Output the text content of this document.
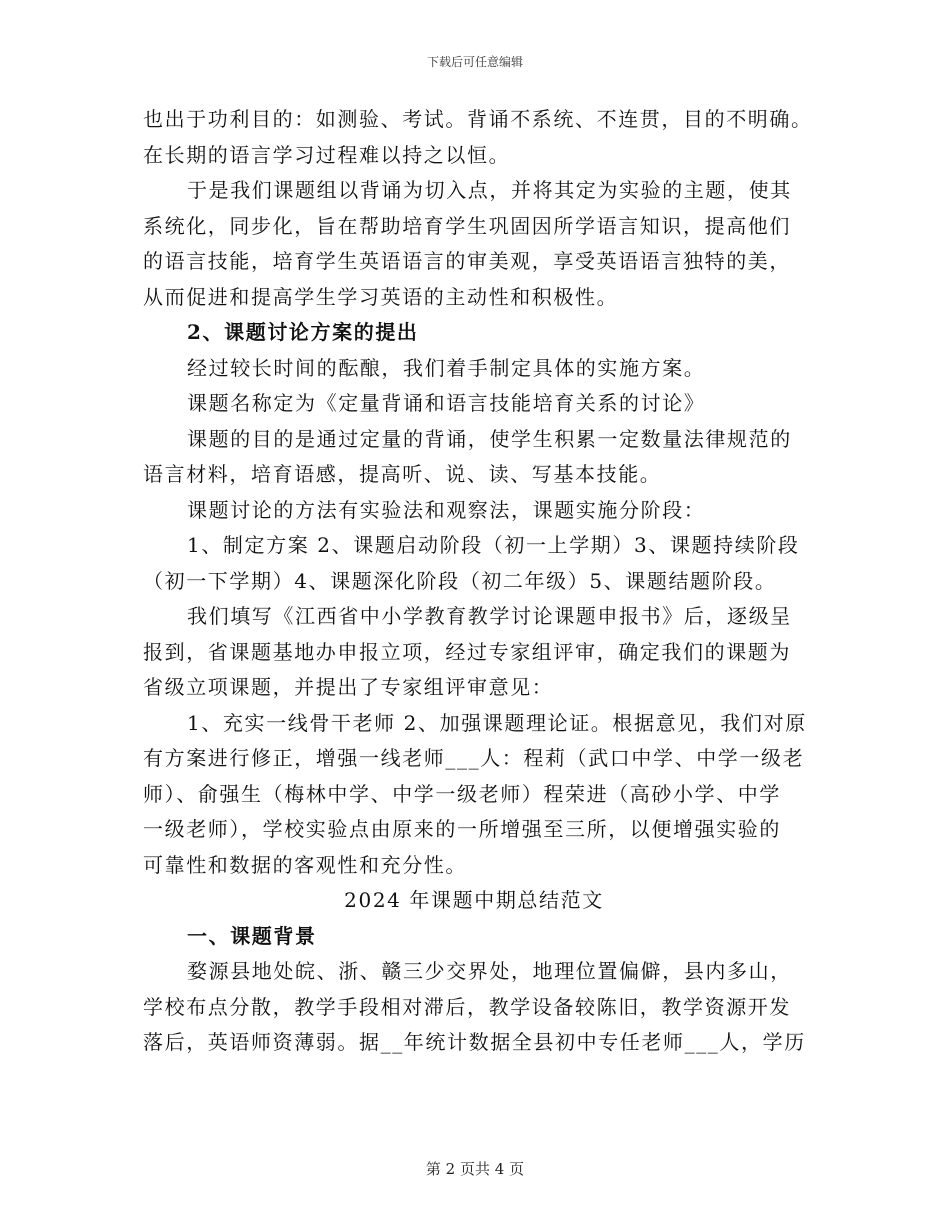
下载后可任意编辑

也出于功利目的：如测验、考试。背诵不系统、不连贯，目的不明确。

在长期的语言学习过程难以持之以恒。

于是我们课题组以背诵为切入点，并将其定为实验的主题，使其

系统化，同步化，旨在帮助培育学生巩固因所学语言知识，提高他们

的语言技能，培育学生英语语言的审美观，享受英语语言独特的美，

从而促进和提高学生学习英语的主动性和积极性。

2、课题讨论方案的提出

经过较长时间的酝酿，我们着手制定具体的实施方案。

课题名称定为《定量背诵和语言技能培育关系的讨论》

课题的目的是通过定量的背诵，使学生积累一定数量法律规范的

语言材料，培育语感，提高听、说、读、写基本技能。

课题讨论的方法有实验法和观察法，课题实施分阶段：

1、制定方案 2、课题启动阶段（初一上学期）3、课题持续阶段

（初一下学期）4、课题深化阶段（初二年级）5、课题结题阶段。

我们填写《江西省中小学教育教学讨论课题申报书》后，逐级呈

报到，省课题基地办申报立项，经过专家组评审，确定我们的课题为

省级立项课题，并提出了专家组评审意见：

1、充实一线骨干老师 2、加强课题理论证。根据意见，我们对原

有方案进行修正，增强一线老师___人：程莉（武口中学、中学一级老

师）、俞强生（梅林中学、中学一级老师）程荣进（高砂小学、中学

一级老师），学校实验点由原来的一所增强至三所，以便增强实验的

可靠性和数据的客观性和充分性。

2024 年课题中期总结范文

一、课题背景

婺源县地处皖、浙、赣三少交界处，地理位置偏僻，县内多山，

学校布点分散，教学手段相对滞后，教学设备较陈旧，教学资源开发

落后，英语师资薄弱。据__年统计数据全县初中专任老师___人，学历

第 2 页共 4 页
